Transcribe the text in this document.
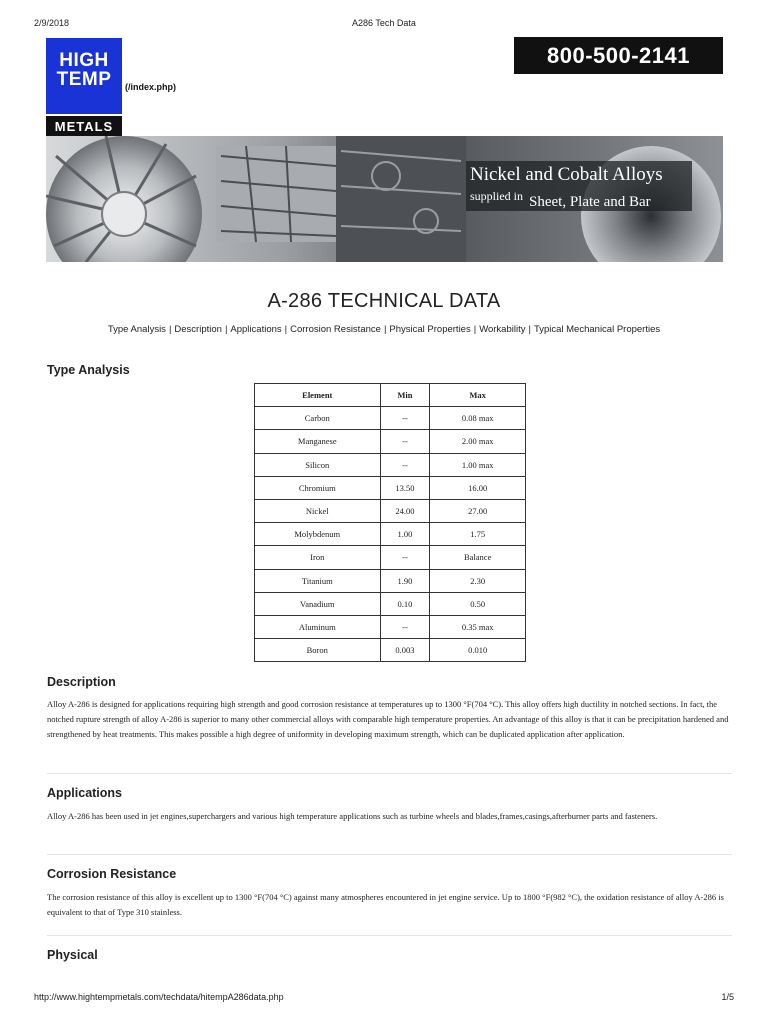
2/9/2018	A286 Tech Data
HIGH
TEMP
METALS
(/index.php)
800-500-2141
Nickel and Cobalt Alloys
supplied in Sheet, Plate and Bar
A-286 TECHNICAL DATA
Type Analysis | Description | Applications | Corrosion Resistance | Physical Properties | Workability | Typical Mechanical Properties
Type Analysis
Element	Min	Max
Carbon	--	0.08 max
Manganese	--	2.00 max
Silicon	--	1.00 max
Chromium	13.50	16.00
Nickel	24.00	27.00
Molybdenum	1.00	1.75
Iron	--	Balance
Titanium	1.90	2.30
Vanadium	0.10	0.50
Aluminum	--	0.35 max
Boron	0.003	0.010
Description
Alloy A-286 is designed for applications requiring high strength and good corrosion resistance at temperatures up to 1300 °F(704 °C). This alloy offers high ductility in notched sections. In fact, the notched rupture strength of alloy A-286 is superior to many other commercial alloys with comparable high temperature properties. An advantage of this alloy is that it can be precipitation hardened and strengthened by heat treatments. This makes possible a high degree of uniformity in developing maximum strength, which can be duplicated application after application.
Applications
Alloy A-286 has been used in jet engines,superchargers and various high temperature applications such as turbine wheels and blades,frames,casings,afterburner parts and fasteners.
Corrosion Resistance
The corrosion resistance of this alloy is excellent up to 1300 °F(704 °C) against many atmospheres encountered in jet engine service. Up to 1800 °F(982 °C), the oxidation resistance of alloy A-286 is equivalent to that of Type 310 stainless.
Physical
http://www.hightempmetals.com/techdata/hitempA286data.php	1/5
